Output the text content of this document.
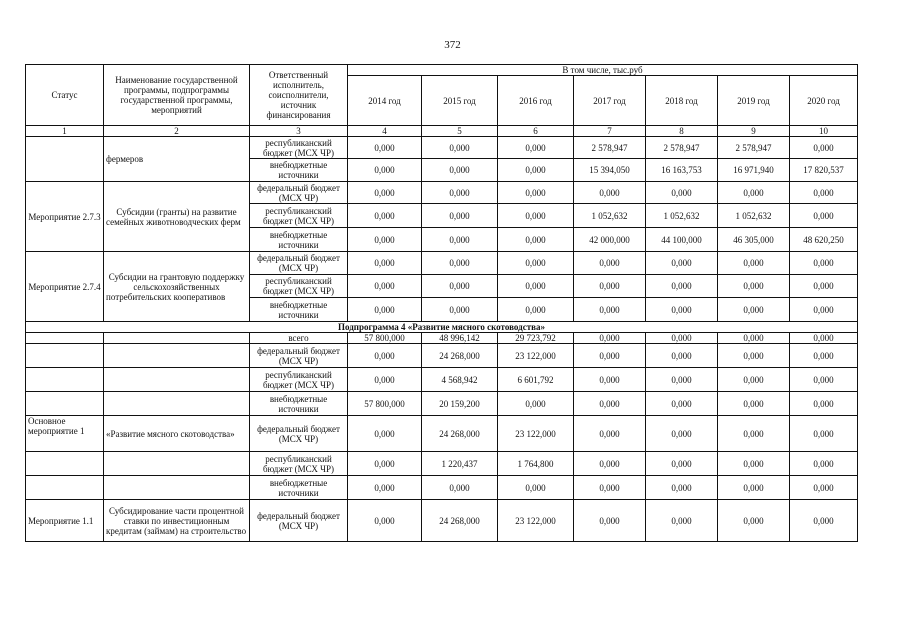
372
Статус	Наименование государственной программы, подпрограммы государственной программы, мероприятий	Ответственный исполнитель, соисполнители, источник финансирования	В том числе, тыс.руб						
			2014 год	2015 год	2016 год	2017 год	2018 год	2019 год	2020 год
1	2	3	4	5	6	7	8	9	10
	фермеров	республиканский бюджет (МСХ ЧР)	0,000	0,000	0,000	2 578,947	2 578,947	2 578,947	0,000
		внебюджетные источники	0,000	0,000	0,000	15 394,050	16 163,753	16 971,940	17 820,537
Мероприятие 2.7.3	Субсидии (гранты) на развитие семейных животноводческих ферм	федеральный бюджет (МСХ ЧР)	0,000	0,000	0,000	0,000	0,000	0,000	0,000
		республиканский бюджет (МСХ ЧР)	0,000	0,000	0,000	1 052,632	1 052,632	1 052,632	0,000
		внебюджетные источники	0,000	0,000	0,000	42 000,000	44 100,000	46 305,000	48 620,250
Мероприятие 2.7.4	Субсидии на грантовую поддержку сельскохозяйственных потребительских кооперативов	федеральный бюджет (МСХ ЧР)	0,000	0,000	0,000	0,000	0,000	0,000	0,000
		республиканский бюджет (МСХ ЧР)	0,000	0,000	0,000	0,000	0,000	0,000	0,000
		внебюджетные источники	0,000	0,000	0,000	0,000	0,000	0,000	0,000
Подпрограмма 4 «Развитие мясного скотоводства»									
		всего	57 800,000	48 996,142	29 723,792	0,000	0,000	0,000	0,000
		федеральный бюджет (МСХ ЧР)	0,000	24 268,000	23 122,000	0,000	0,000	0,000	0,000
		республиканский бюджет (МСХ ЧР)	0,000	4 568,942	6 601,792	0,000	0,000	0,000	0,000
		внебюджетные источники	57 800,000	20 159,200	0,000	0,000	0,000	0,000	0,000
Основное мероприятие 1	«Развитие мясного скотоводства»	федеральный бюджет (МСХ ЧР)	0,000	24 268,000	23 122,000	0,000	0,000	0,000	0,000
		республиканский бюджет (МСХ ЧР)	0,000	1 220,437	1 764,800	0,000	0,000	0,000	0,000
		внебюджетные источники	0,000	0,000	0,000	0,000	0,000	0,000	0,000
Мероприятие 1.1	Субсидирование части процентной ставки по инвестиционным кредитам (займам) на строительство	федеральный бюджет (МСХ ЧР)	0,000	24 268,000	23 122,000	0,000	0,000	0,000	0,000
